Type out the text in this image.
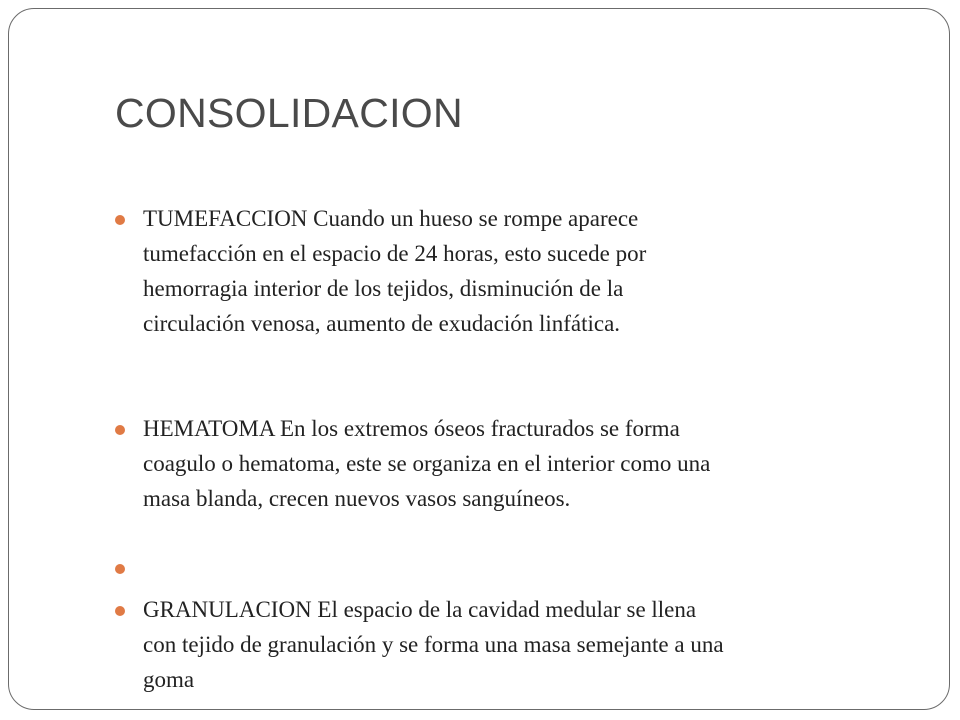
CONSOLIDACION
TUMEFACCION Cuando un hueso se rompe aparece tumefacción en el espacio de 24 horas, esto sucede por hemorragia interior de los tejidos, disminución de la circulación venosa, aumento de exudación linfática.
HEMATOMA En los extremos óseos fracturados se forma coagulo o hematoma, este se organiza en el interior como una masa blanda, crecen nuevos vasos sanguíneos.
GRANULACION El espacio de la cavidad medular se llena con tejido de granulación y se forma una masa semejante a una goma
